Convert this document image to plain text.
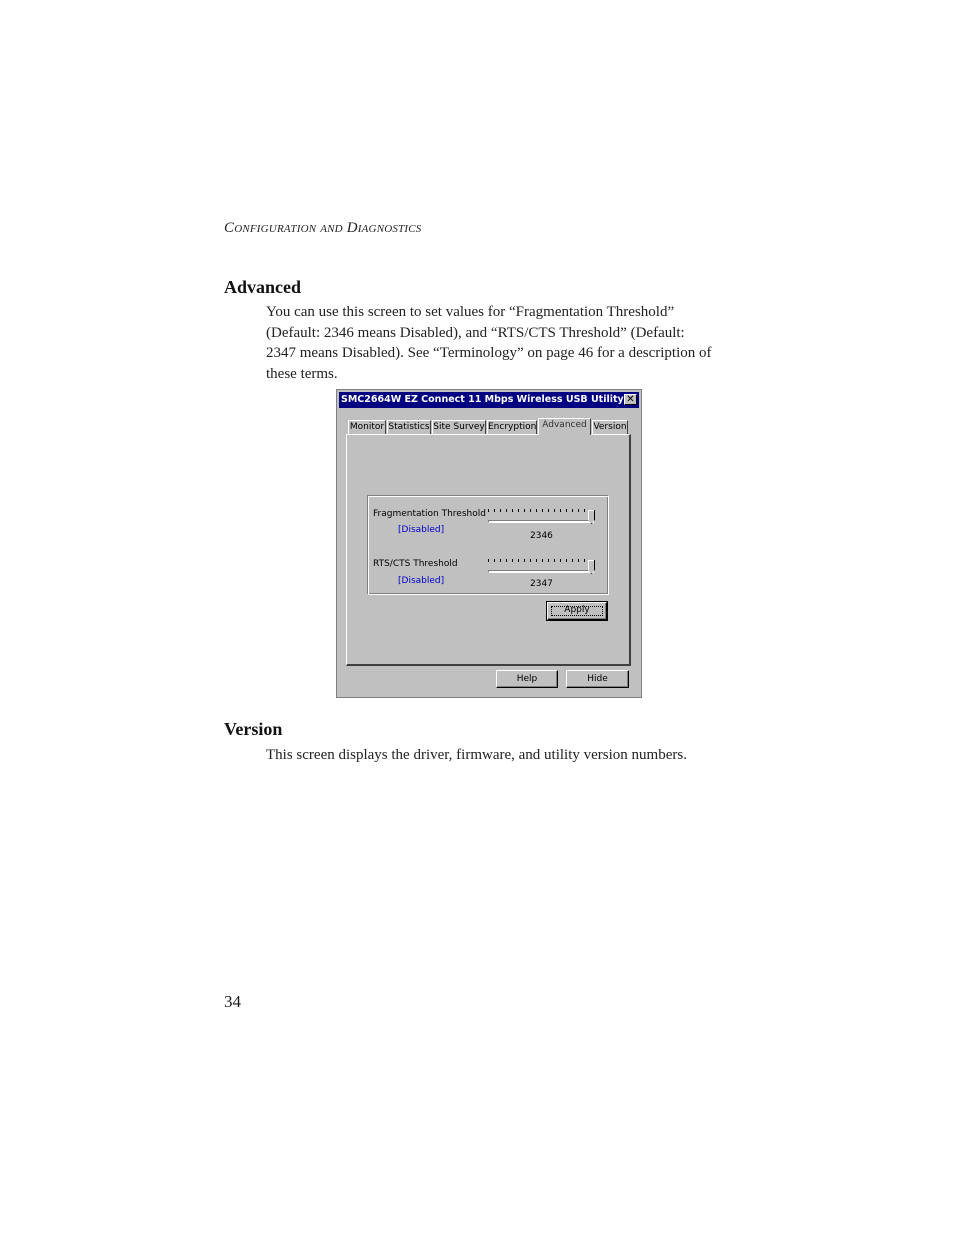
Configuration and Diagnostics
Advanced
You can use this screen to set values for “Fragmentation Threshold”
(Default: 2346 means Disabled), and “RTS/CTS Threshold” (Default:
2347 means Disabled). See “Terminology” on page 46 for a description of
these terms.
SMC2664W EZ Connect 11 Mbps Wireless USB Utility ✕
Monitor Statistics Site Survey Encryption Advanced Version
Fragmentation Threshold
[Disabled]
2346
RTS/CTS Threshold
[Disabled]	2347
Apply
Help	Hide
Version
This screen displays the driver, firmware, and utility version numbers.
34
